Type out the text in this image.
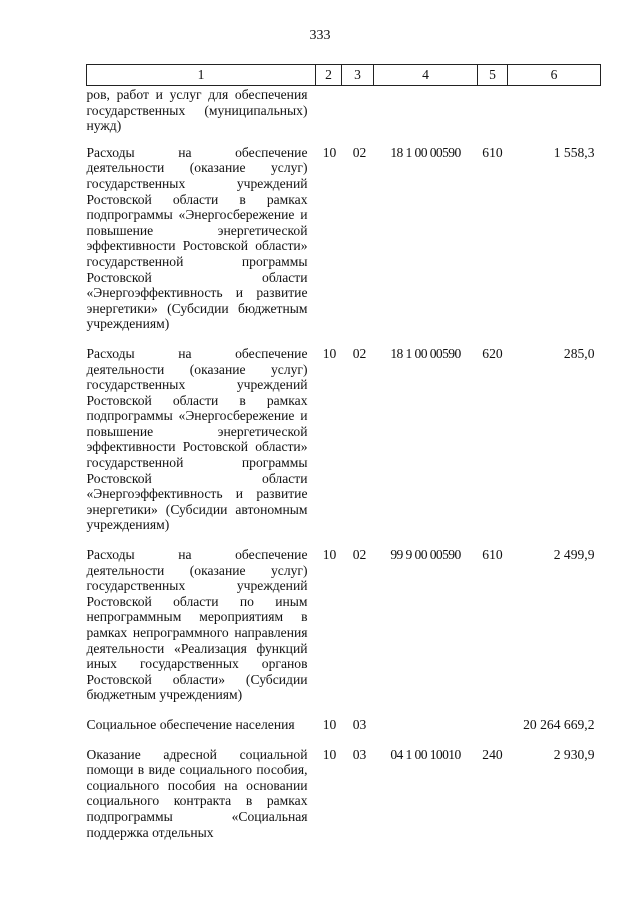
333
1	2	3	4	5	6
ров, работ и услуг для обеспечения государственных (муниципальных) нужд)					
Расходы на обеспечение деятельности (оказание услуг) государственных учреждений Ростовской области в рамках подпрограммы «Энергосбережение и повышение энергетической эффективности Ростовской области» государственной программы Ростовской области «Энергоэффективность и развитие энергетики» (Субсидии бюджетным учреждениям)	10	02	18 1 00 00590	610	1 558,3
Расходы на обеспечение деятельности (оказание услуг) государственных учреждений Ростовской области в рамках подпрограммы «Энергосбережение и повышение энергетической эффективности Ростовской области» государственной программы Ростовской области «Энергоэффективность и развитие энергетики» (Субсидии автономным учреждениям)	10	02	18 1 00 00590	620	285,0
Расходы на обеспечение деятельности (оказание услуг) государственных учреждений Ростовской области по иным непрограммным мероприятиям в рамках непрограммного направления деятельности «Реализация функций иных государственных органов Ростовской области» (Субсидии бюджетным учреждениям)	10	02	99 9 00 00590	610	2 499,9
Социальное обеспечение населения	10	03			20 264 669,2
Оказание адресной социальной помощи в виде социального пособия, социального пособия на основании социального контракта в рамках подпрограммы «Социальная поддержка отдельных	10	03	04 1 00 10010	240	2 930,9
